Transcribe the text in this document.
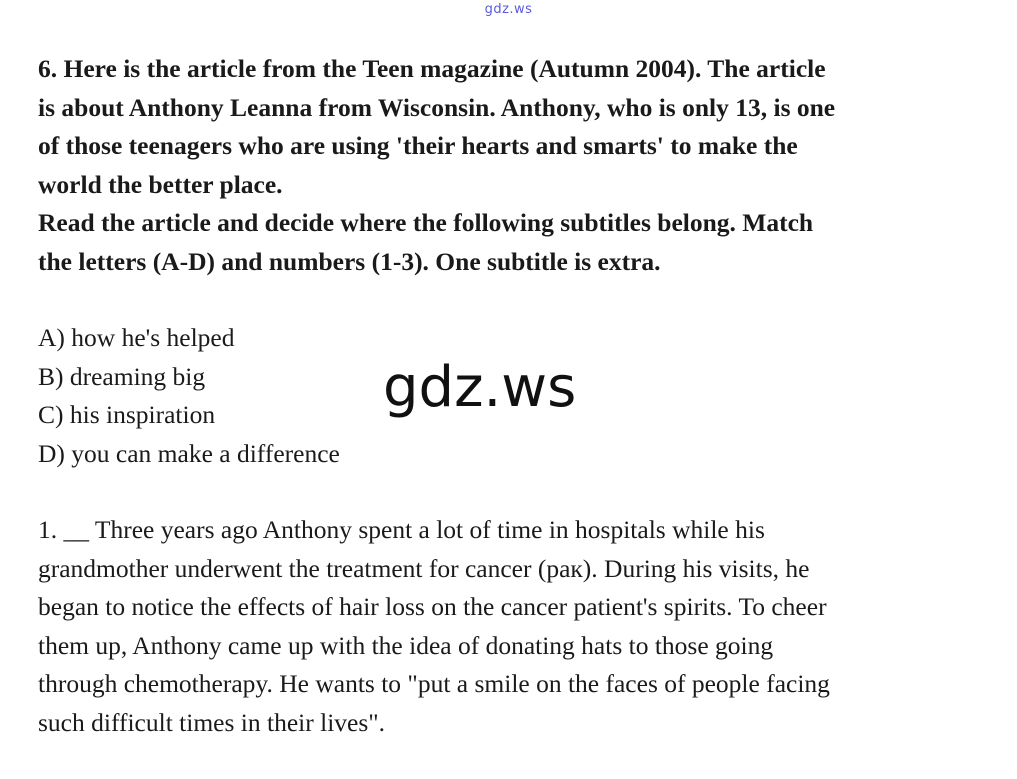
gdz.ws

6. Here is the article from the Teen magazine (Autumn 2004). The article
is about Anthony Leanna from Wisconsin. Anthony, who is only 13, is one
of those teenagers who are using 'their hearts and smarts' to make the
world the better place.
Read the article and decide where the following subtitles belong. Match
the letters (A-D) and numbers (1-3). One subtitle is extra.

A) how he's helped
B) dreaming big
C) his inspiration
D) you can make a difference
1. __ Three years ago Anthony spent a lot of time in hospitals while his
grandmother underwent the treatment for cancer (рак). During his visits, he
began to notice the effects of hair loss on the cancer patient's spirits. To cheer
them up, Anthony came up with the idea of donating hats to those going
through chemotherapy. He wants to "put a smile on the faces of people facing
such difficult times in their lives".
gdz.ws
